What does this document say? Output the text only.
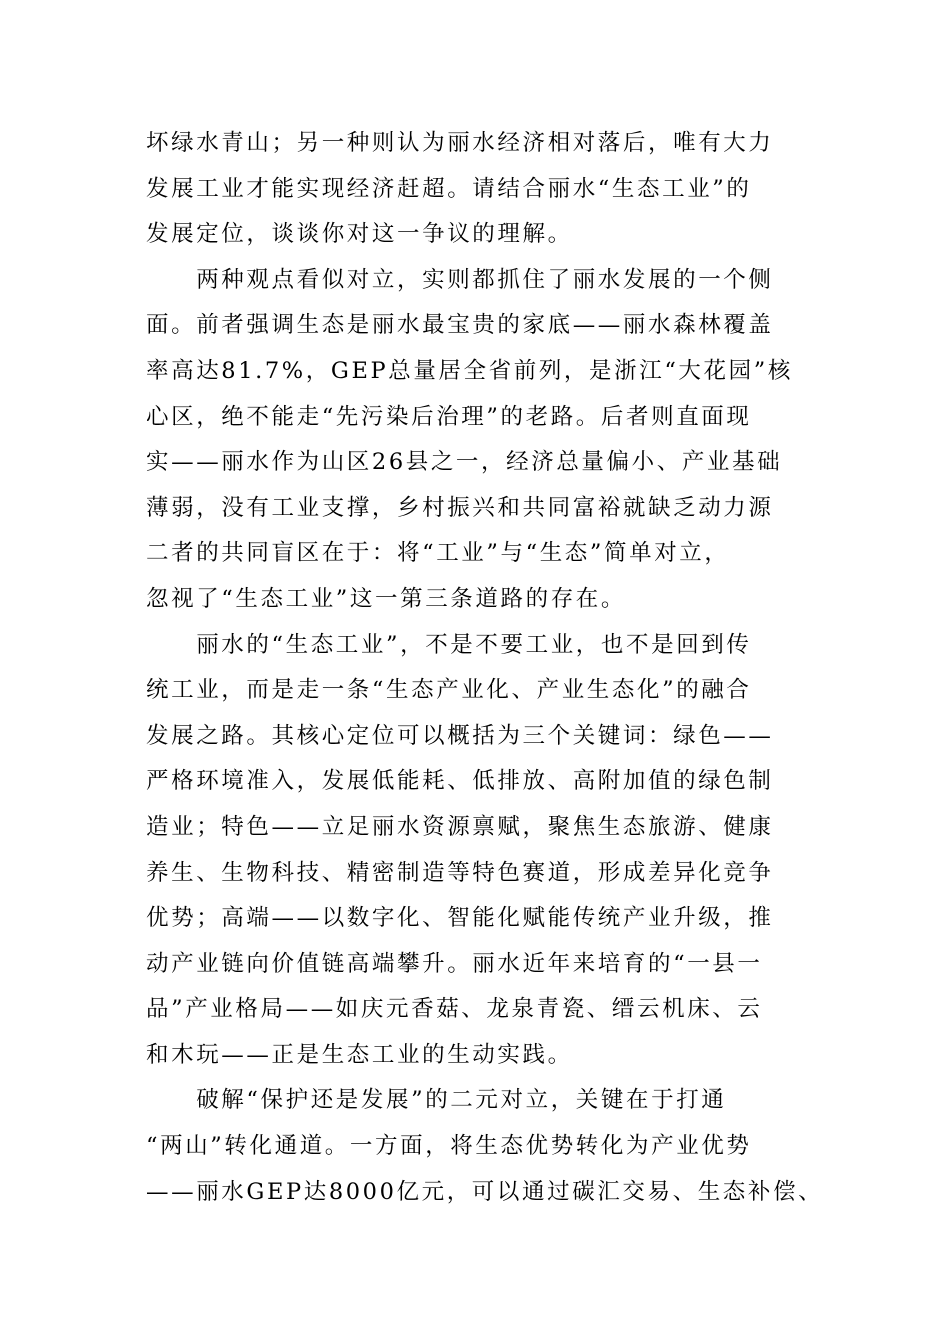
坏绿水青山；另一种则认为丽水经济相对落后，唯有大力
发展工业才能实现经济赶超。请结合丽水“生态工业”的
发展定位，谈谈你对这一争议的理解。
　　两种观点看似对立，实则都抓住了丽水发展的一个侧
面。前者强调生态是丽水最宝贵的家底——丽水森林覆盖
率高达81.7%，GEP总量居全省前列，是浙江“大花园”核
心区，绝不能走“先污染后治理”的老路。后者则直面现
实——丽水作为山区26县之一，经济总量偏小、产业基础
薄弱，没有工业支撑，乡村振兴和共同富裕就缺乏动力源
二者的共同盲区在于：将“工业”与“生态”简单对立，
忽视了“生态工业”这一第三条道路的存在。
　　丽水的“生态工业”，不是不要工业，也不是回到传
统工业，而是走一条“生态产业化、产业生态化”的融合
发展之路。其核心定位可以概括为三个关键词：绿色——
严格环境准入，发展低能耗、低排放、高附加值的绿色制
造业；特色——立足丽水资源禀赋，聚焦生态旅游、健康
养生、生物科技、精密制造等特色赛道，形成差异化竞争
优势；高端——以数字化、智能化赋能传统产业升级，推
动产业链向价值链高端攀升。丽水近年来培育的“一县一
品”产业格局——如庆元香菇、龙泉青瓷、缙云机床、云
和木玩——正是生态工业的生动实践。
　　破解“保护还是发展”的二元对立，关键在于打通
“两山”转化通道。一方面，将生态优势转化为产业优势
——丽水GEP达8000亿元，可以通过碳汇交易、生态补偿、
